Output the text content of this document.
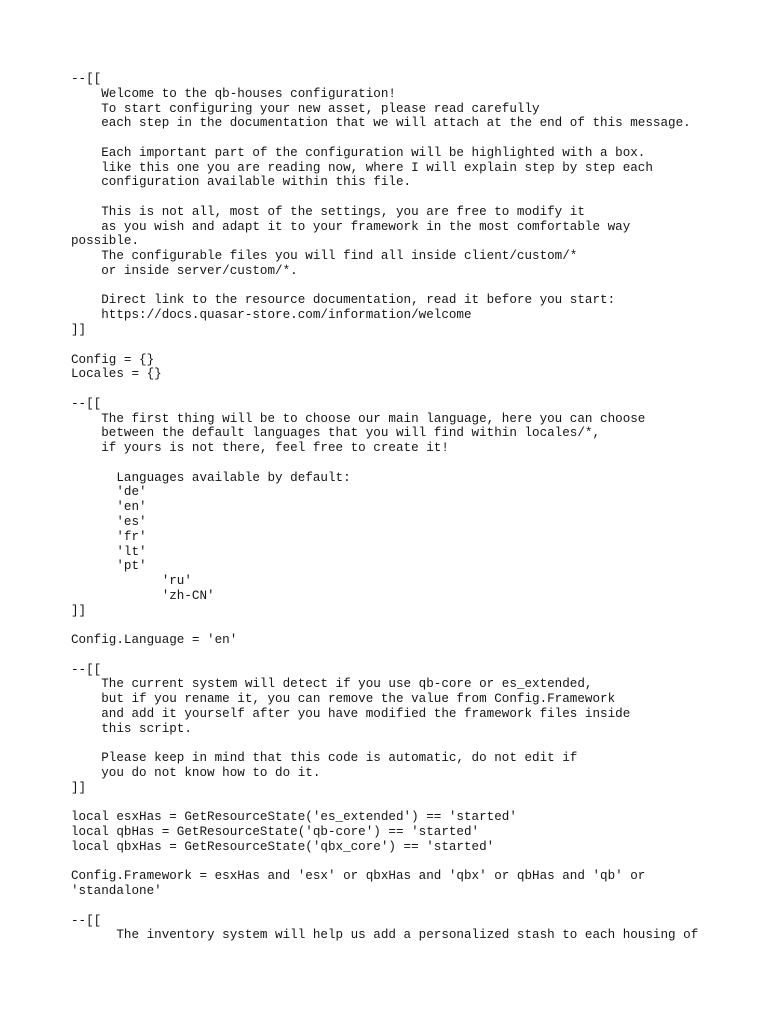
--[[
Welcome to the qb-houses configuration!
To start configuring your new asset, please read carefully
each step in the documentation that we will attach at the end of this message.
Each important part of the configuration will be highlighted with a box.
like this one you are reading now, where I will explain step by step each
configuration available within this file.
This is not all, most of the settings, you are free to modify it
as you wish and adapt it to your framework in the most comfortable way
possible.
The configurable files you will find all inside client/custom/*
or inside server/custom/*.
Direct link to the resource documentation, read it before you start:
https://docs.quasar-store.com/information/welcome
]]
Config = {}
Locales = {}
--[[
The first thing will be to choose our main language, here you can choose
between the default languages that you will find within locales/*,
if yours is not there, feel free to create it!
Languages available by default:
'de'
'en'
'es'
'fr'
'lt'
'pt'
'ru'
'zh-CN'
]]
Config.Language = 'en'
--[[
The current system will detect if you use qb-core or es_extended,
but if you rename it, you can remove the value from Config.Framework
and add it yourself after you have modified the framework files inside
this script.
Please keep in mind that this code is automatic, do not edit if
you do not know how to do it.
]]
local esxHas = GetResourceState('es_extended') == 'started'
local qbHas = GetResourceState('qb-core') == 'started'
local qbxHas = GetResourceState('qbx_core') == 'started'
Config.Framework = esxHas and 'esx' or qbxHas and 'qbx' or qbHas and 'qb' or
'standalone'
--[[
The inventory system will help us add a personalized stash to each housing of
